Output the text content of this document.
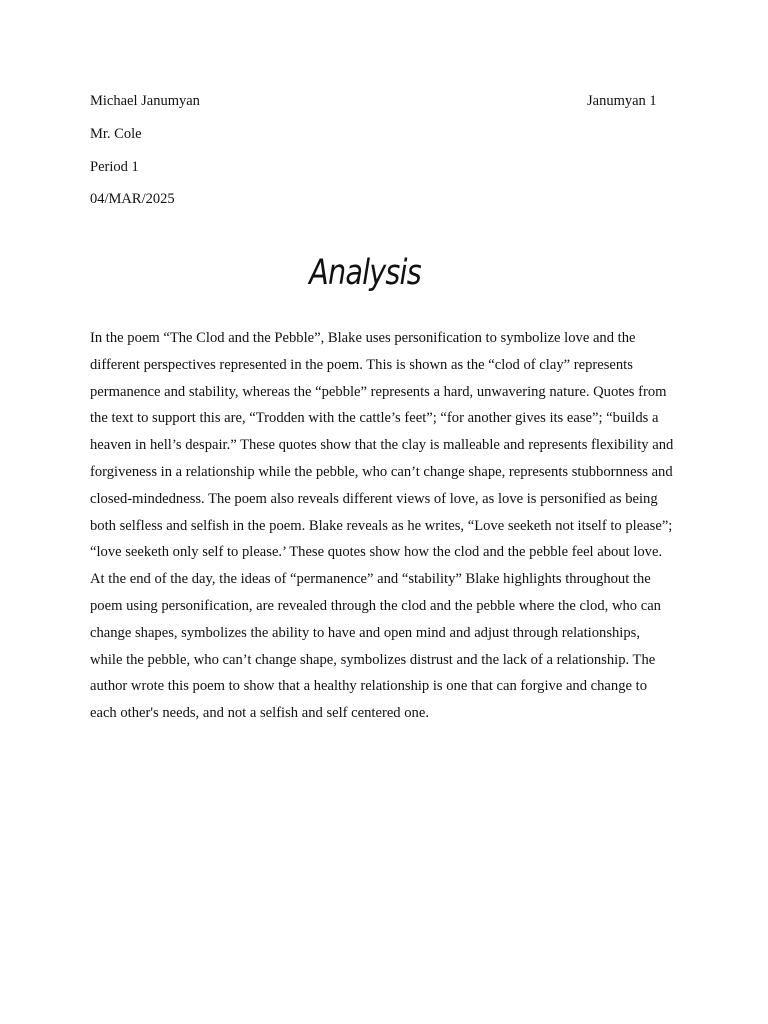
Michael Janumyan	Janumyan 1
Mr. Cole
Period 1
04/MAR/2025
Analysis
In the poem “The Clod and the Pebble”, Blake uses personification to symbolize love and the different perspectives represented in the poem. This is shown as the “clod of clay” represents permanence and stability, whereas the “pebble” represents a hard, unwavering nature. Quotes from the text to support this are, “Trodden with the cattle’s feet”; “for another gives its ease”; “builds a heaven in hell’s despair.” These quotes show that the clay is malleable and represents flexibility and forgiveness in a relationship while the pebble, who can’t change shape, represents stubbornness and closed-mindedness. The poem also reveals different views of love, as love is personified as being both selfless and selfish in the poem. Blake reveals as he writes, “Love seeketh not itself to please”; “love seeketh only self to please.’ These quotes show how the clod and the pebble feel about love. At the end of the day, the ideas of “permanence” and “stability” Blake highlights throughout the poem using personification, are revealed through the clod and the pebble where the clod, who can change shapes, symbolizes the ability to have and open mind and adjust through relationships, while the pebble, who can’t change shape, symbolizes distrust and the lack of a relationship. The author wrote this poem to show that a healthy relationship is one that can forgive and change to each other's needs, and not a selfish and self centered one.
